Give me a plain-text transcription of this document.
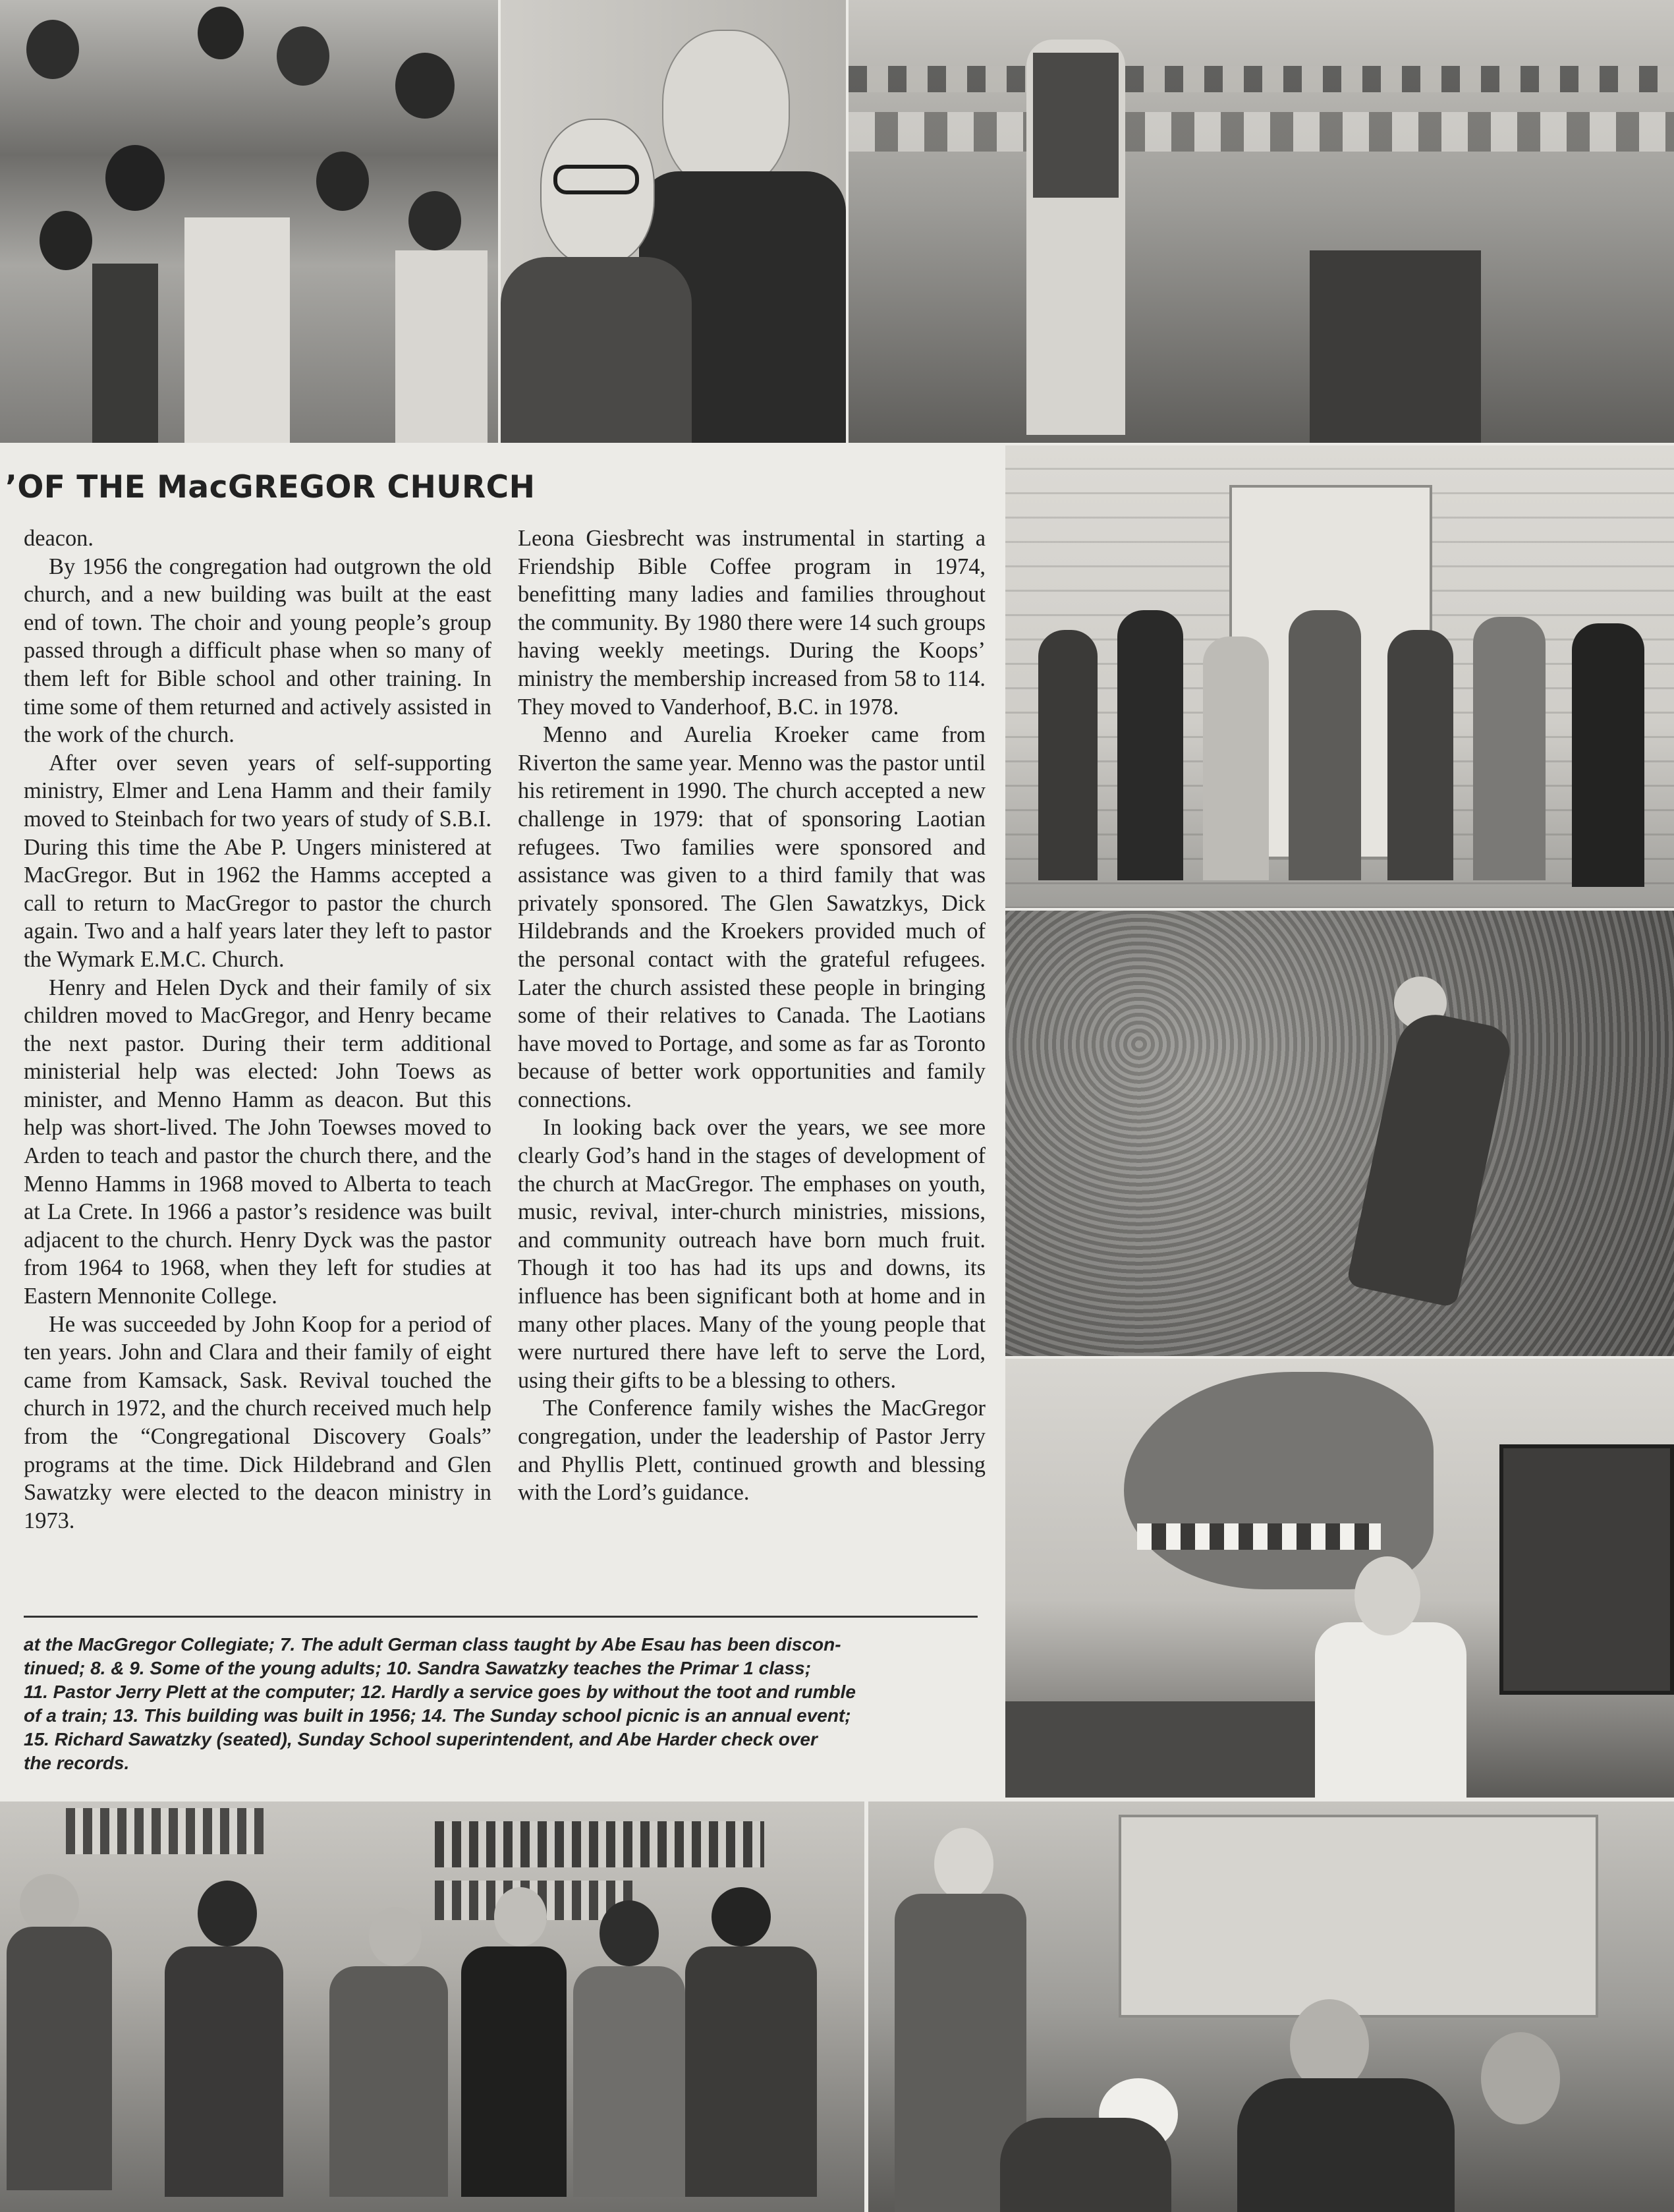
’OF THE MacGREGOR CHURCH

deacon.

By 1956 the congregation had outgrown the old church, and a new building was built at the east end of town. The choir and young people’s group passed through a difficult phase when so many of them left for Bible school and other training. In time some of them returned and actively assisted in the work of the church.

After over seven years of self-supporting ministry, Elmer and Lena Hamm and their family moved to Steinbach for two years of study of S.B.I. During this time the Abe P. Ungers ministered at MacGregor. But in 1962 the Hamms accepted a call to return to MacGregor to pastor the church again. Two and a half years later they left to pastor the Wymark E.M.C. Church.

Henry and Helen Dyck and their family of six children moved to MacGregor, and Henry became the next pastor. During their term additional ministerial help was elected: John Toews as minister, and Menno Hamm as deacon. But this help was short-lived. The John Toewses moved to Arden to teach and pastor the church there, and the Menno Hamms in 1968 moved to Alberta to teach at La Crete. In 1966 a pastor’s residence was built adjacent to the church. Henry Dyck was the pastor from 1964 to 1968, when they left for studies at Eastern Mennonite College.

He was succeeded by John Koop for a period of ten years. John and Clara and their family of eight came from Kamsack, Sask. Revival touched the church in 1972, and the church received much help from the “Congregational Discovery Goals” programs at the time. Dick Hildebrand and Glen Sawatzky were elected to the deacon ministry in 1973.

Leona Giesbrecht was instrumental in starting a Friendship Bible Coffee program in 1974, benefitting many ladies and families throughout the community. By 1980 there were 14 such groups having weekly meetings. During the Koops’ ministry the membership increased from 58 to 114. They moved to Vanderhoof, B.C. in 1978.

Menno and Aurelia Kroeker came from Riverton the same year. Menno was the pastor until his retirement in 1990. The church accepted a new challenge in 1979: that of sponsoring Laotian refugees. Two families were sponsored and assistance was given to a third family that was privately sponsored. The Glen Sawatzkys, Dick Hildebrands and the Kroekers provided much of the personal contact with the grateful refugees. Later the church assisted these people in bringing some of their relatives to Canada. The Laotians have moved to Portage, and some as far as Toronto because of better work opportunities and family connections.

In looking back over the years, we see more clearly God’s hand in the stages of development of the church at MacGregor. The emphases on youth, music, revival, inter-church ministries, missions, and community outreach have born much fruit. Though it too has had its ups and downs, its influence has been significant both at home and in many other places. Many of the young people that were nurtured there have left to serve the Lord, using their gifts to be a blessing to others.

The Conference family wishes the MacGregor congregation, under the leadership of Pastor Jerry and Phyllis Plett, continued growth and blessing with the Lord’s guidance.

at the MacGregor Collegiate; 7. The adult German class taught by Abe Esau has been discon-
tinued; 8. & 9. Some of the young adults; 10. Sandra Sawatzky teaches the Primar 1 class;
11. Pastor Jerry Plett at the computer; 12. Hardly a service goes by without the toot and rumble
of a train; 13. This building was built in 1956; 14. The Sunday school picnic is an annual event;
15. Richard Sawatzky (seated), Sunday School superintendent, and Abe Harder check over
the records.
